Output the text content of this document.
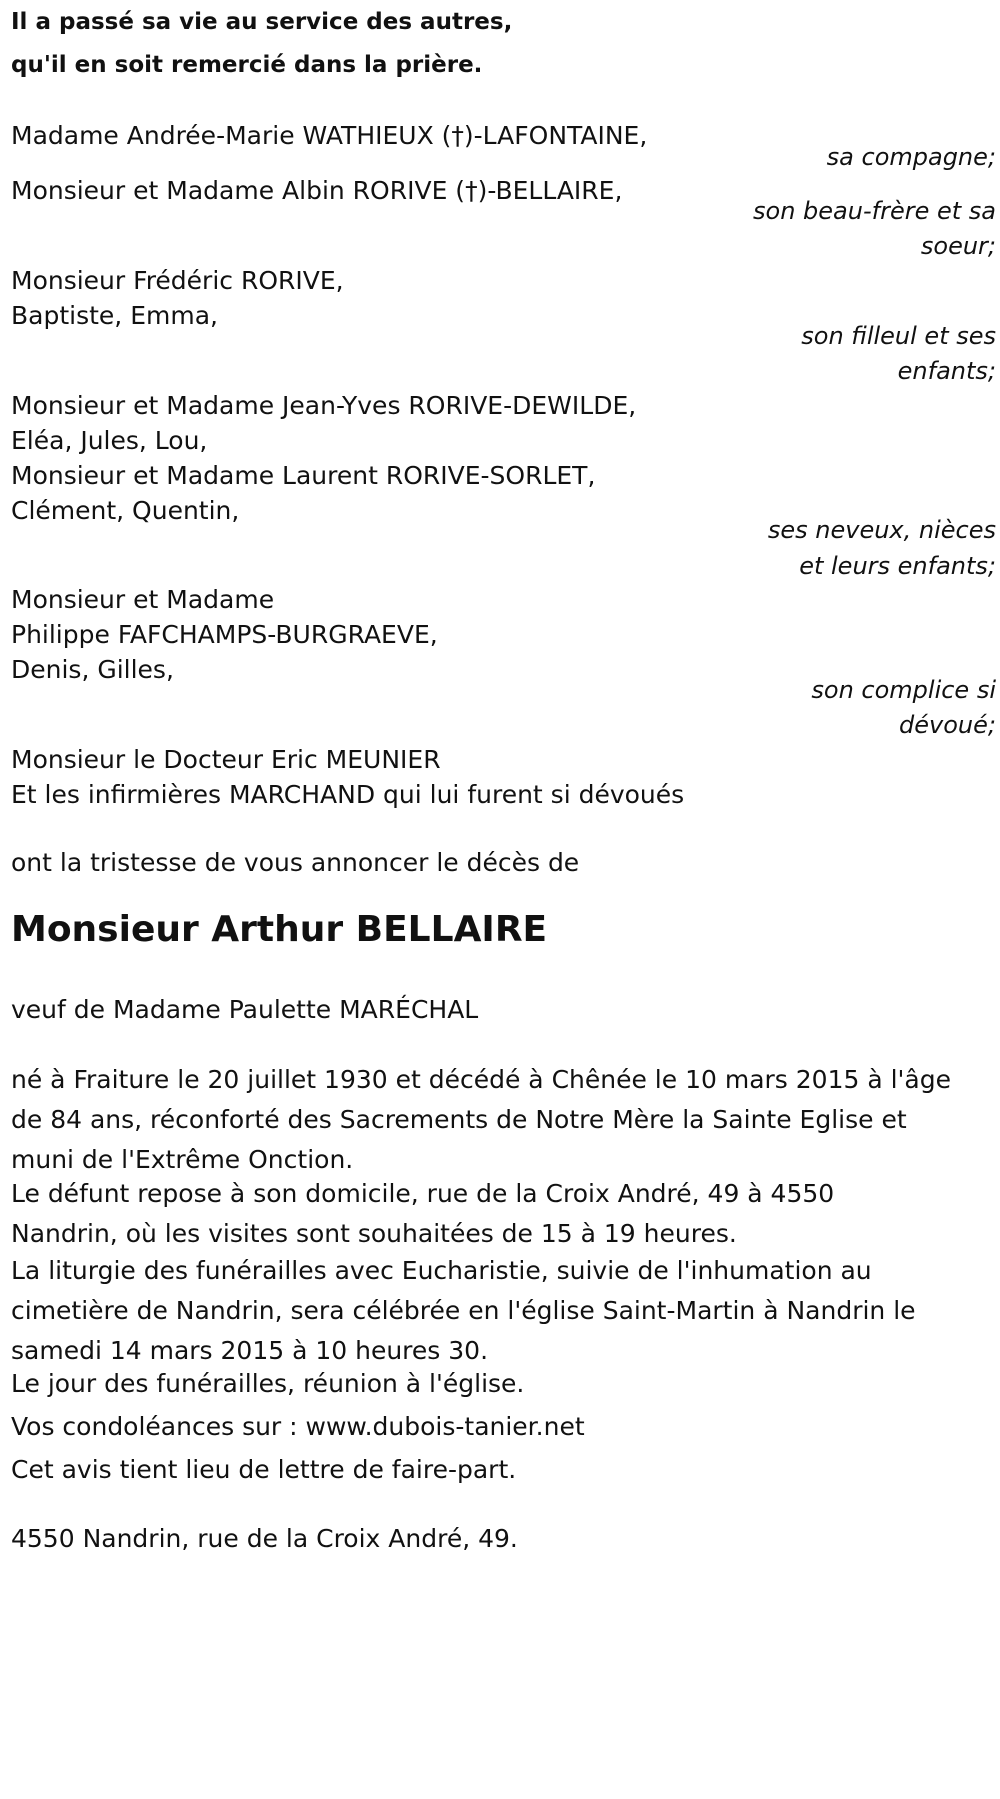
Il a passé sa vie au service des autres,
qu'il en soit remercié dans la prière.
Madame Andrée-Marie WATHIEUX (†)-LAFONTAINE,
sa compagne;
Monsieur et Madame Albin RORIVE (†)-BELLAIRE,
son beau-frère et sa
soeur;
Monsieur Frédéric RORIVE,
Baptiste, Emma,
son filleul et ses
enfants;
Monsieur et Madame Jean-Yves RORIVE-DEWILDE,
Eléa, Jules, Lou,
Monsieur et Madame Laurent RORIVE-SORLET,
Clément, Quentin,
ses neveux, nièces
et leurs enfants;
Monsieur et Madame
Philippe FAFCHAMPS-BURGRAEVE,
Denis, Gilles,
son complice si
dévoué;
Monsieur le Docteur Eric MEUNIER
Et les infirmières MARCHAND qui lui furent si dévoués
ont la tristesse de vous annoncer le décès de
Monsieur Arthur BELLAIRE
veuf de Madame Paulette MARÉCHAL
né à Fraiture le 20 juillet 1930 et décédé à Chênée le 10 mars 2015 à l'âge
de 84 ans, réconforté des Sacrements de Notre Mère la Sainte Eglise et
muni de l'Extrême Onction.
Le défunt repose à son domicile, rue de la Croix André, 49 à 4550
Nandrin, où les visites sont souhaitées de 15 à 19 heures.
La liturgie des funérailles avec Eucharistie, suivie de l'inhumation au
cimetière de Nandrin, sera célébrée en l'église Saint-Martin à Nandrin le
samedi 14 mars 2015 à 10 heures 30.
Le jour des funérailles, réunion à l'église.
Vos condoléances sur : www.dubois-tanier.net
Cet avis tient lieu de lettre de faire-part.
4550 Nandrin, rue de la Croix André, 49.
